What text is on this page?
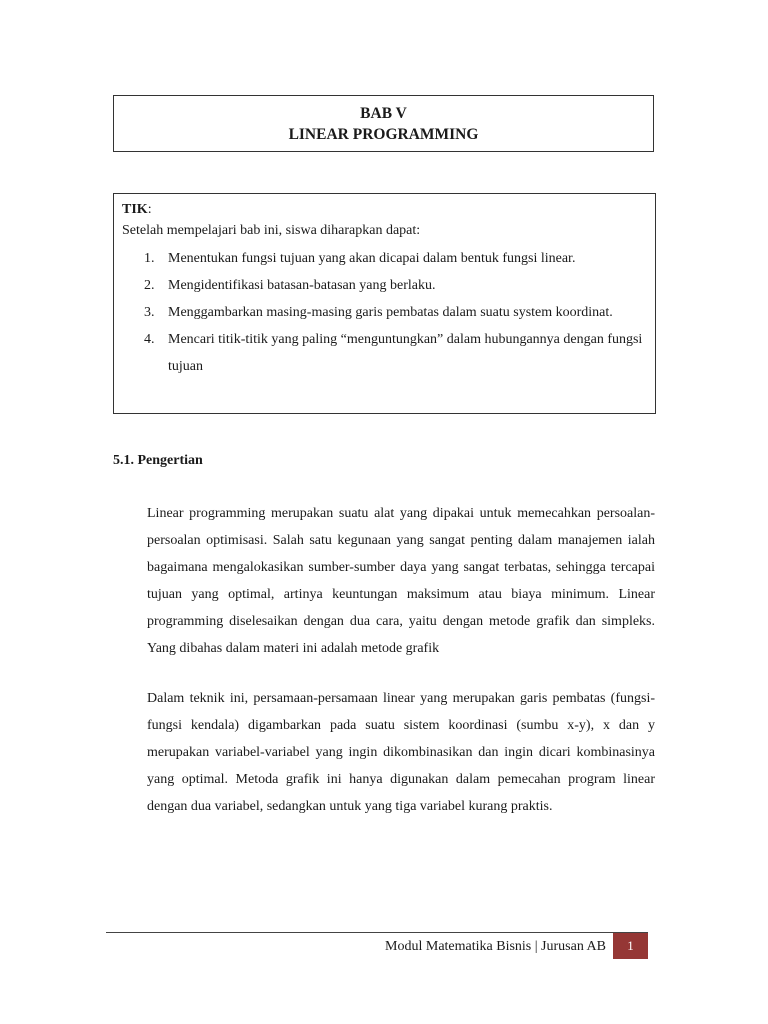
BAB V
LINEAR PROGRAMMING
TIK:
Setelah mempelajari bab ini, siswa diharapkan dapat:
1. Menentukan fungsi tujuan yang akan dicapai dalam bentuk fungsi linear.
2. Mengidentifikasi batasan-batasan yang berlaku.
3. Menggambarkan masing-masing garis pembatas dalam suatu system koordinat.
4. Mencari titik-titik yang paling “menguntungkan” dalam hubungannya dengan fungsi tujuan
5.1. Pengertian

Linear programming merupakan suatu alat yang dipakai untuk memecahkan persoalan-persoalan optimisasi. Salah satu kegunaan yang sangat penting dalam manajemen ialah bagaimana mengalokasikan sumber-sumber daya yang sangat terbatas, sehingga tercapai tujuan yang optimal, artinya keuntungan maksimum atau biaya minimum. Linear programming diselesaikan dengan dua cara, yaitu dengan metode grafik dan simpleks. Yang dibahas dalam materi ini adalah metode grafik

Dalam teknik ini, persamaan-persamaan linear yang merupakan garis pembatas (fungsi-fungsi kendala) digambarkan pada suatu sistem koordinasi (sumbu x-y), x dan y merupakan variabel-variabel yang ingin dikombinasikan dan ingin dicari kombinasinya yang optimal. Metoda grafik ini hanya digunakan dalam pemecahan program linear dengan dua variabel, sedangkan untuk yang tiga variabel kurang praktis.

Modul Matematika Bisnis | Jurusan AB	1
